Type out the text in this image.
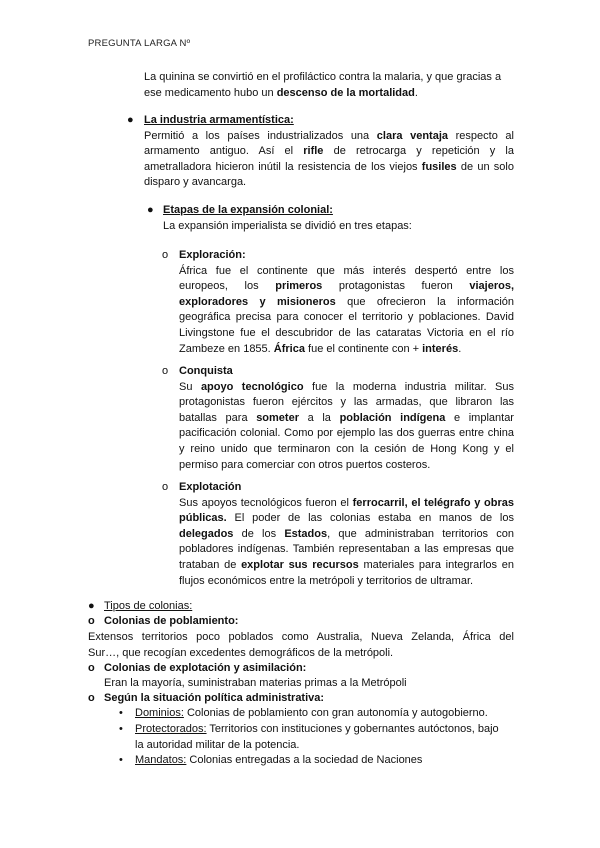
PREGUNTA LARGA Nº
La quinina se convirtió en el profiláctico contra la malaria, y que gracias a
ese medicamento hubo un descenso de la mortalidad.
● La industria armamentística:
Permitió a los países industrializados una clara ventaja respecto al
armamento antiguo. Así el rifle de retrocarga y repetición y la
ametralladora hicieron inútil la resistencia de los viejos fusiles de un solo
disparo y avancarga.
● Etapas de la expansión colonial:
La expansión imperialista se dividió en tres etapas:
o Exploración:
África fue el continente que más interés despertó entre los
europeos, los primeros protagonistas fueron viajeros,
exploradores y misioneros que ofrecieron la información
geográfica precisa para conocer el territorio y poblaciones. David
Livingstone fue el descubridor de las cataratas Victoria en el río
Zambeze en 1855. África fue el continente con + interés.
o Conquista
Su apoyo tecnológico fue la moderna industria militar. Sus
protagonistas fueron ejércitos y las armadas, que libraron las
batallas para someter a la población indígena e implantar
pacificación colonial. Como por ejemplo las dos guerras entre china
y reino unido que terminaron con la cesión de Hong Kong y el
permiso para comerciar con otros puertos costeros.
o Explotación
Sus apoyos tecnológicos fueron el ferrocarril, el telégrafo y obras
públicas. El poder de las colonias estaba en manos de los
delegados de los Estados, que administraban territorios con
pobladores indígenas. También representaban a las empresas que
trataban de explotar sus recursos materiales para integrarlos en
flujos económicos entre la metrópoli y territorios de ultramar.
● Tipos de colonias:
o Colonias de poblamiento:
Extensos territorios poco poblados como Australia, Nueva Zelanda, África del
Sur…, que recogían excedentes demográficos de la metrópoli.
o Colonias de explotación y asimilación:
Eran la mayoría, suministraban materias primas a la Metrópoli
o Según la situación política administrativa:
• Dominios: Colonias de poblamiento con gran autonomía y autogobierno.
• Protectorados: Territorios con instituciones y gobernantes autóctonos, bajo
la autoridad militar de la potencia.
• Mandatos: Colonias entregadas a la sociedad de Naciones
